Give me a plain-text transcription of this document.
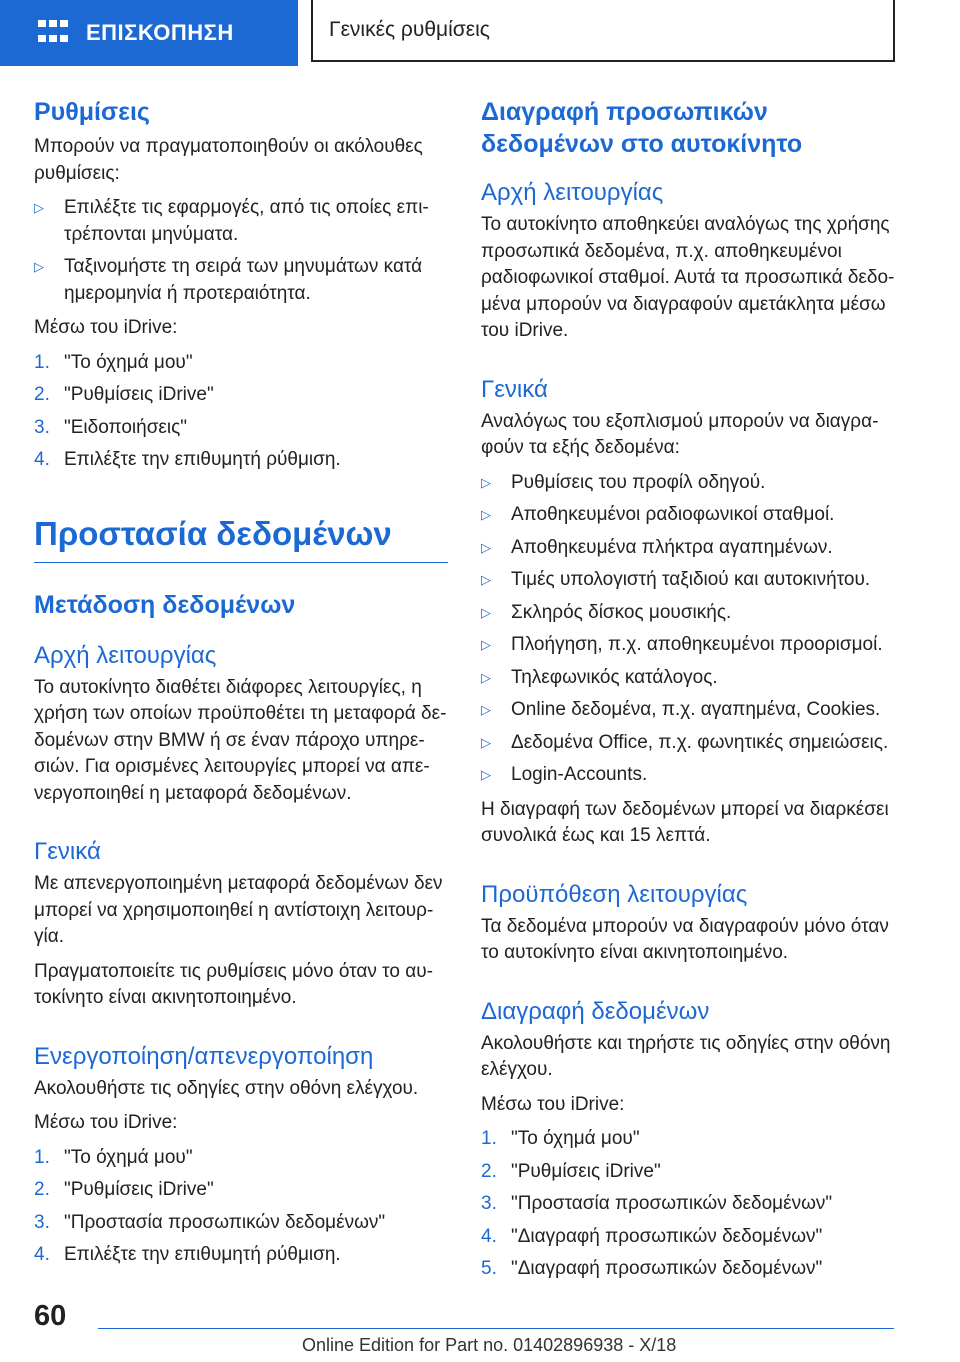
ΕΠΙΣΚΟΠΗΣΗ	Γενικές ρυθμίσεις
Ρυθμίσεις

Μπορούν να πραγματοποιηθούν οι ακόλουθες ρυθμίσεις:

▷ Επιλέξτε τις εφαρμογές, από τις οποίες επιτρέπονται μηνύματα.
▷ Ταξινομήστε τη σειρά των μηνυμάτων κατά ημερομηνία ή προτεραιότητα.

Μέσω του iDrive:

1. "Το όχημά μου"
2. "Ρυθμίσεις iDrive"
3. "Ειδοποιήσεις"
4. Επιλέξτε την επιθυμητή ρύθμιση.
Προστασία δεδομένων
Μετάδοση δεδομένων
Αρχή λειτουργίας

Το αυτοκίνητο διαθέτει διάφορες λειτουργίες, η χρήση των οποίων προϋποθέτει τη μεταφορά δεδομένων στην BMW ή σε έναν πάροχο υπηρεσιών. Για ορισμένες λειτουργίες μπορεί να απενεργοποιηθεί η μεταφορά δεδομένων.

Γενικά

Με απενεργοποιημένη μεταφορά δεδομένων δεν μπορεί να χρησιμοποιηθεί η αντίστοιχη λειτουργία.

Πραγματοποιείτε τις ρυθμίσεις μόνο όταν το αυτοκίνητο είναι ακινητοποιημένο.

Ενεργοποίηση/απενεργοποίηση

Ακολουθήστε τις οδηγίες στην οθόνη ελέγχου.

Μέσω του iDrive:

1. "Το όχημά μου"
2. "Ρυθμίσεις iDrive"
3. "Προστασία προσωπικών δεδομένων"
4. Επιλέξτε την επιθυμητή ρύθμιση.
Διαγραφή προσωπικών δεδομένων στο αυτοκίνητο
Αρχή λειτουργίας

Το αυτοκίνητο αποθηκεύει αναλόγως της χρήσης προσωπικά δεδομένα, π.χ. αποθηκευμένοι ραδιοφωνικοί σταθμοί. Αυτά τα προσωπικά δεδομένα μπορούν να διαγραφούν αμετάκλητα μέσω του iDrive.

Γενικά

Αναλόγως του εξοπλισμού μπορούν να διαγραφούν τα εξής δεδομένα:

▷ Ρυθμίσεις του προφίλ οδηγού.
▷ Αποθηκευμένοι ραδιοφωνικοί σταθμοί.
▷ Αποθηκευμένα πλήκτρα αγαπημένων.
▷ Τιμές υπολογιστή ταξιδιού και αυτοκινήτου.
▷ Σκληρός δίσκος μουσικής.
▷ Πλοήγηση, π.χ. αποθηκευμένοι προορισμοί.
▷ Τηλεφωνικός κατάλογος.
▷ Online δεδομένα, π.χ. αγαπημένα, Cookies.
▷ Δεδομένα Office, π.χ. φωνητικές σημειώσεις.
▷ Login-Accounts.

Η διαγραφή των δεδομένων μπορεί να διαρκέσει συνολικά έως και 15 λεπτά.

Προϋπόθεση λειτουργίας

Τα δεδομένα μπορούν να διαγραφούν μόνο όταν το αυτοκίνητο είναι ακινητοποιημένο.

Διαγραφή δεδομένων

Ακολουθήστε και τηρήστε τις οδηγίες στην οθόνη ελέγχου.

Μέσω του iDrive:

1. "Το όχημά μου"
2. "Ρυθμίσεις iDrive"
3. "Προστασία προσωπικών δεδομένων"
4. "Διαγραφή προσωπικών δεδομένων"
5. "Διαγραφή προσωπικών δεδομένων"
60
Online Edition for Part no. 01402896938 - X/18
